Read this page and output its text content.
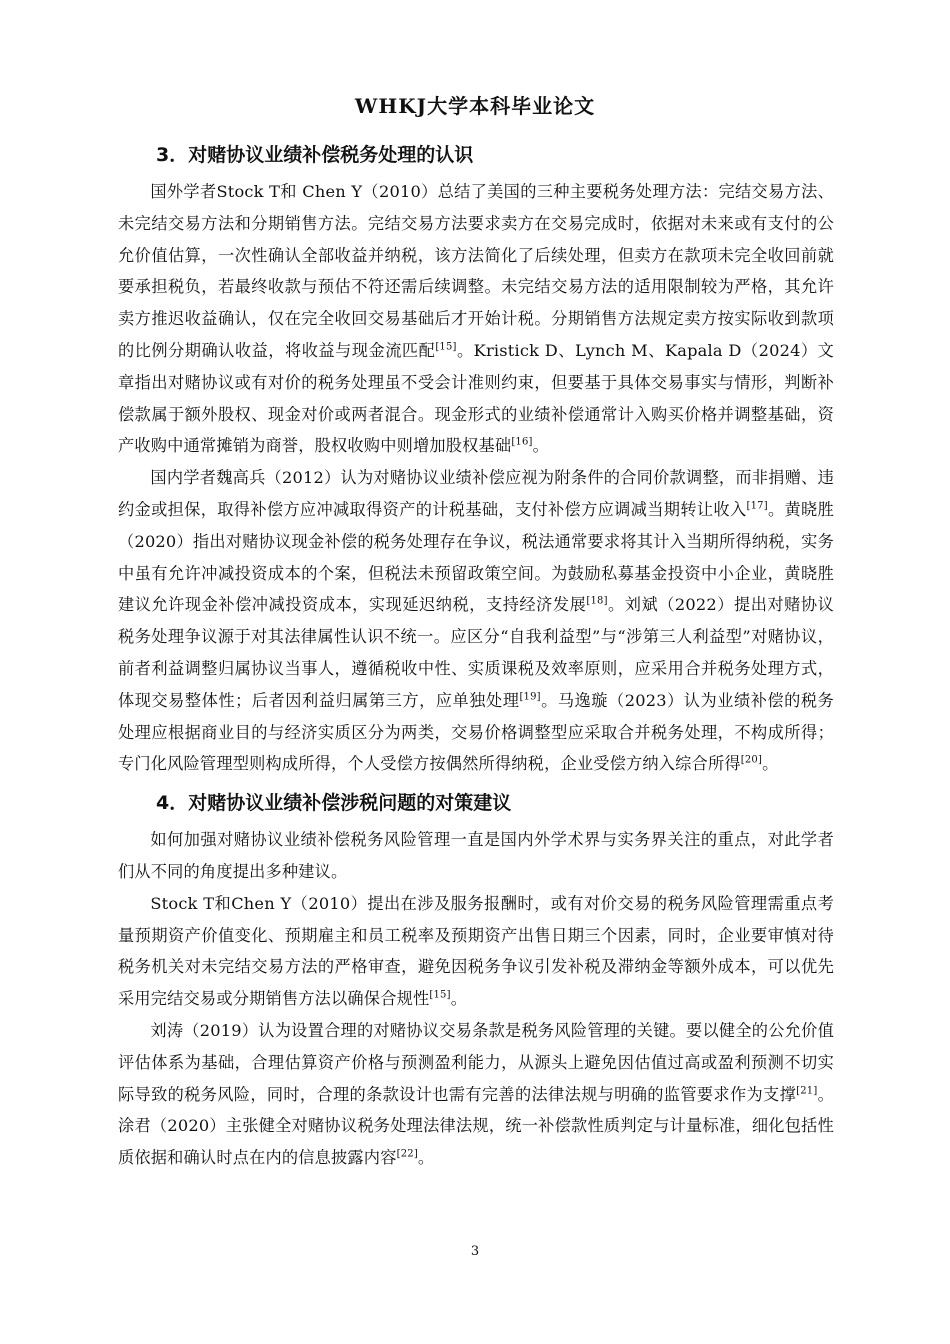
WHKJ大学本科毕业论文
3．对赌协议业绩补偿税务处理的认识

国外学者Stock T和 Chen Y（2010）总结了美国的三种主要税务处理方法：完结交易方法、未完结交易方法和分期销售方法。完结交易方法要求卖方在交易完成时，依据对未来或有支付的公允价值估算，一次性确认全部收益并纳税，该方法简化了后续处理，但卖方在款项未完全收回前就要承担税负，若最终收款与预估不符还需后续调整。未完结交易方法的适用限制较为严格，其允许卖方推迟收益确认，仅在完全收回交易基础后才开始计税。分期销售方法规定卖方按实际收到款项的比例分期确认收益，将收益与现金流匹配[15]。Kristick D、Lynch M、Kapala D（2024）文章指出对赌协议或有对价的税务处理虽不受会计准则约束，但要基于具体交易事实与情形，判断补偿款属于额外股权、现金对价或两者混合。现金形式的业绩补偿通常计入购买价格并调整基础，资产收购中通常摊销为商誉，股权收购中则增加股权基础[16]。

国内学者魏高兵（2012）认为对赌协议业绩补偿应视为附条件的合同价款调整，而非捐赠、违约金或担保，取得补偿方应冲减取得资产的计税基础，支付补偿方应调减当期转让收入[17]。黄晓胜（2020）指出对赌协议现金补偿的税务处理存在争议，税法通常要求将其计入当期所得纳税，实务中虽有允许冲减投资成本的个案，但税法未预留政策空间。为鼓励私募基金投资中小企业，黄晓胜建议允许现金补偿冲减投资成本，实现延迟纳税，支持经济发展[18]。刘斌（2022）提出对赌协议税务处理争议源于对其法律属性认识不统一。应区分“自我利益型”与“涉第三人利益型”对赌协议，前者利益调整归属协议当事人，遵循税收中性、实质课税及效率原则，应采用合并税务处理方式，体现交易整体性；后者因利益归属第三方，应单独处理[19]。马逸璇（2023）认为业绩补偿的税务处理应根据商业目的与经济实质区分为两类，交易价格调整型应采取合并税务处理，不构成所得；专门化风险管理型则构成所得，个人受偿方按偶然所得纳税，企业受偿方纳入综合所得[20]。

4．对赌协议业绩补偿涉税问题的对策建议

如何加强对赌协议业绩补偿税务风险管理一直是国内外学术界与实务界关注的重点，对此学者们从不同的角度提出多种建议。

Stock T和Chen Y（2010）提出在涉及服务报酬时，或有对价交易的税务风险管理需重点考量预期资产价值变化、预期雇主和员工税率及预期资产出售日期三个因素，同时，企业要审慎对待税务机关对未完结交易方法的严格审查，避免因税务争议引发补税及滞纳金等额外成本，可以优先采用完结交易或分期销售方法以确保合规性[15]。

刘涛（2019）认为设置合理的对赌协议交易条款是税务风险管理的关键。要以健全的公允价值评估体系为基础，合理估算资产价格与预测盈利能力，从源头上避免因估值过高或盈利预测不切实际导致的税务风险，同时，合理的条款设计也需有完善的法律法规与明确的监管要求作为支撑[21]。涂君（2020）主张健全对赌协议税务处理法律法规，统一补偿款性质判定与计量标准，细化包括性质依据和确认时点在内的信息披露内容[22]。

3
